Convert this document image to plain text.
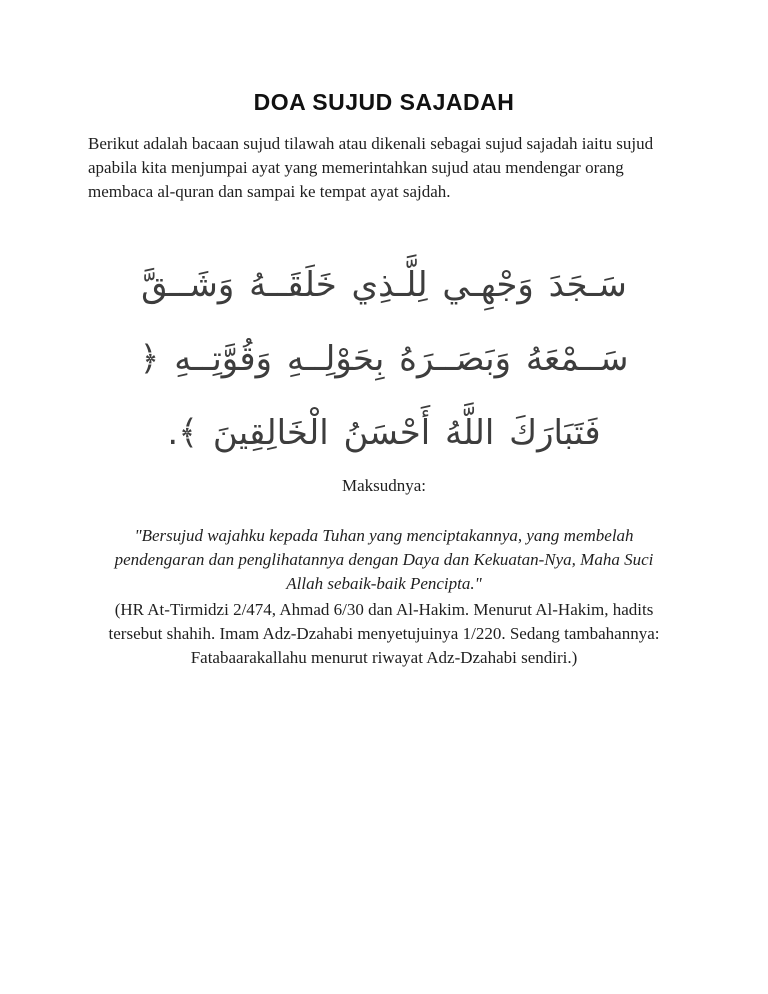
DOA SUJUD SAJADAH
Berikut adalah bacaan sujud tilawah atau dikenali sebagai sujud sajadah iaitu sujud
apabila kita menjumpai ayat yang memerintahkan sujud atau mendengar orang
membaca al-quran dan sampai ke tempat ayat sajdah.
سَـجَدَ وَجْهِـي لِلَّـذِي خَلَقَــهُ وَشَــقَّ
سَــمْعَهُ وَبَصَــرَهُ بِحَوْلِــهِ وَقُوَّتِــهِ ﴿
فَتَبَارَكَ اللَّهُ أَحْسَنُ الْخَالِقِينَ ﴾.
Maksudnya:
"Bersujud wajahku kepada Tuhan yang menciptakannya, yang membelah
pendengaran dan penglihatannya dengan Daya dan Kekuatan-Nya, Maha Suci
Allah sebaik-baik Pencipta."
(HR At-Tirmidzi 2/474, Ahmad 6/30 dan Al-Hakim. Menurut Al-Hakim, hadits
tersebut shahih. Imam Adz-Dzahabi menyetujuinya 1/220. Sedang tambahannya:
Fatabaarakallahu menurut riwayat Adz-Dzahabi sendiri.)
